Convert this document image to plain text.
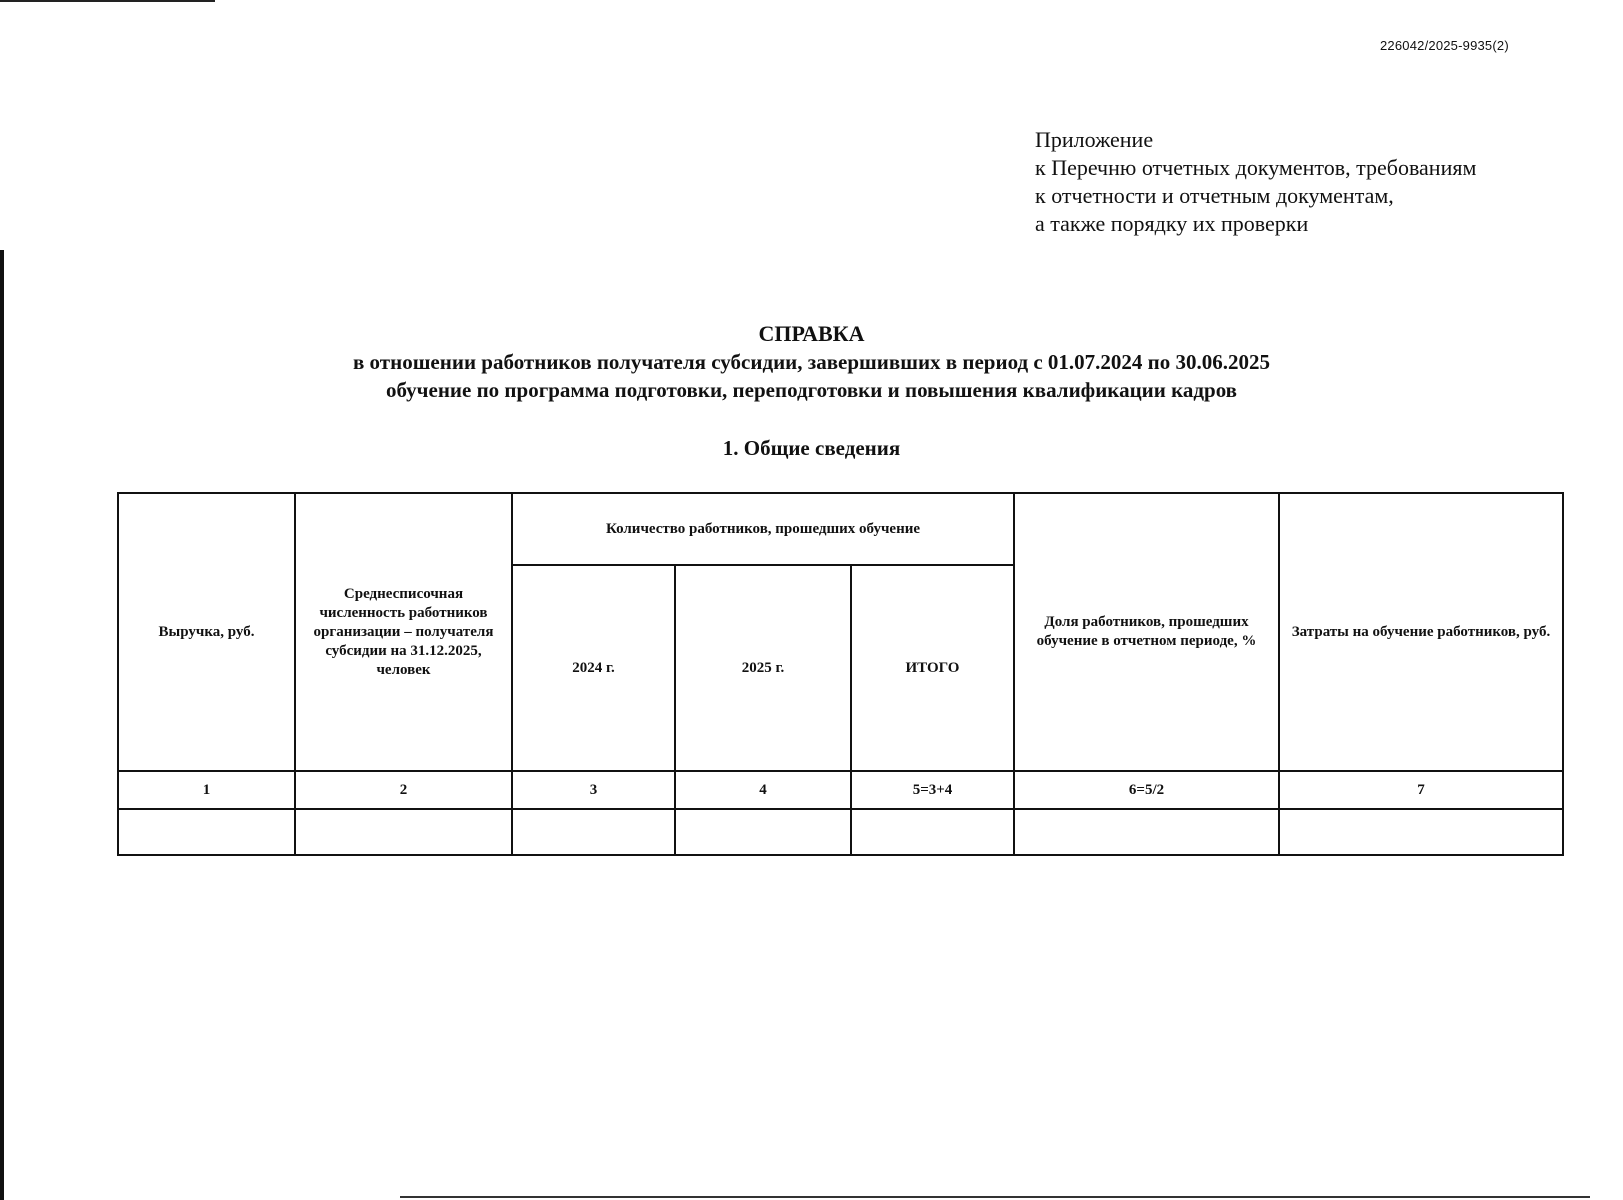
226042/2025-9935(2)
Приложение
к Перечню отчетных документов, требованиям
к отчетности и отчетным документам,
а также порядку их проверки
СПРАВКА
в отношении работников получателя субсидии, завершивших в период с 01.07.2024 по 30.06.2025
обучение по программа подготовки, переподготовки и повышения квалификации кадров
1. Общие сведения
Выручка, руб.	Среднесписочная численность работников организации – получателя субсидии на 31.12.2025, человек	Количество работников, прошедших обучение			Доля работников, прошедших обучение в отчетном периоде, %	Затраты на обучение работников, руб.
		2024 г.	2025 г.	ИТОГО		
1	2	3	4	5=3+4	6=5/2	7
